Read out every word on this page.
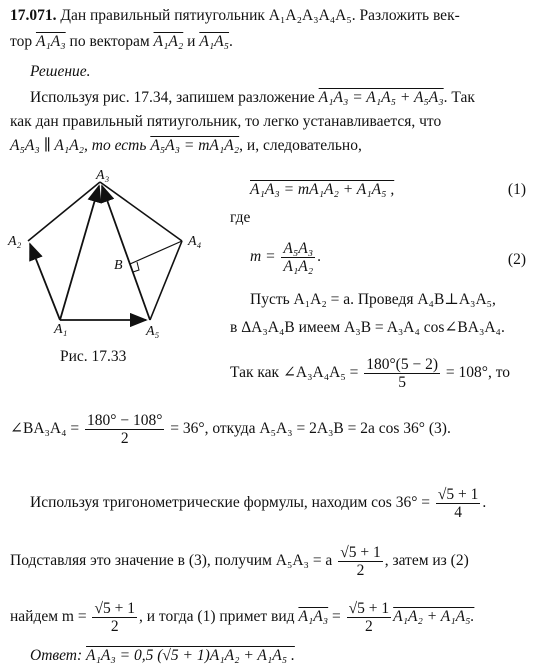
17.071. Дан правильный пятиугольник A₁A₂A₃A₄A₅. Разложить век-
тор A₁A₃ по векторам A₁A₂ и A₁A₅.
Решение.
Используя рис. 17.34, запишем разложение A₁A₃ = A₁A₅ + A₅A₃. Так
как дан правильный пятиугольник, то легко устанавливается, что
A₅A₃ ∥ A₁A₂, то есть A₅A₃ = mA₁A₂, и, следовательно,
A₃
A₂	A₄
B
A₁	A₅
Рис. 17.33
A₁A₃ = mA₁A₂ + A₁A₅ ,	(1)
где
$m = \frac{\text{A₅A₃}}{\text{A₁A₂}}$ .	(2)
Пусть A₁A₂ = a. Проведя A₄B⊥A₃A₅,
в ΔA₃A₄B имеем A₃B = A₃A₄ cos∠BA₃A₄.
Так как ∠A₃A₄A₅ = $\frac{180^\circ(5 - 2)}{5} = 108^\circ$, то
∠BA₃A₄ = $\frac{180^\circ - 108^\circ}{2} = 36^\circ$, откуда A₅A₃ = 2A₃B = 2a cos 36° (3).
Используя тригонометрические формулы, находим $\cos 36^\circ = \frac{√5 + 1}{4}$ .
Подставляя это значение в (3), получим A₅A₃ = a $\frac{√5 + 1}{2}$ , затем из (2)
найдем $m = \frac{√5 + 1}{2}$ , и тогда (1) примет вид $A_1A_3 = \frac{√5 + 1}{2} A_1A_2 + A_1A_5$.
Ответ: A₁A₃ = 0,5 (√5 + 1)A₁A₂ + A₁A₅ .
